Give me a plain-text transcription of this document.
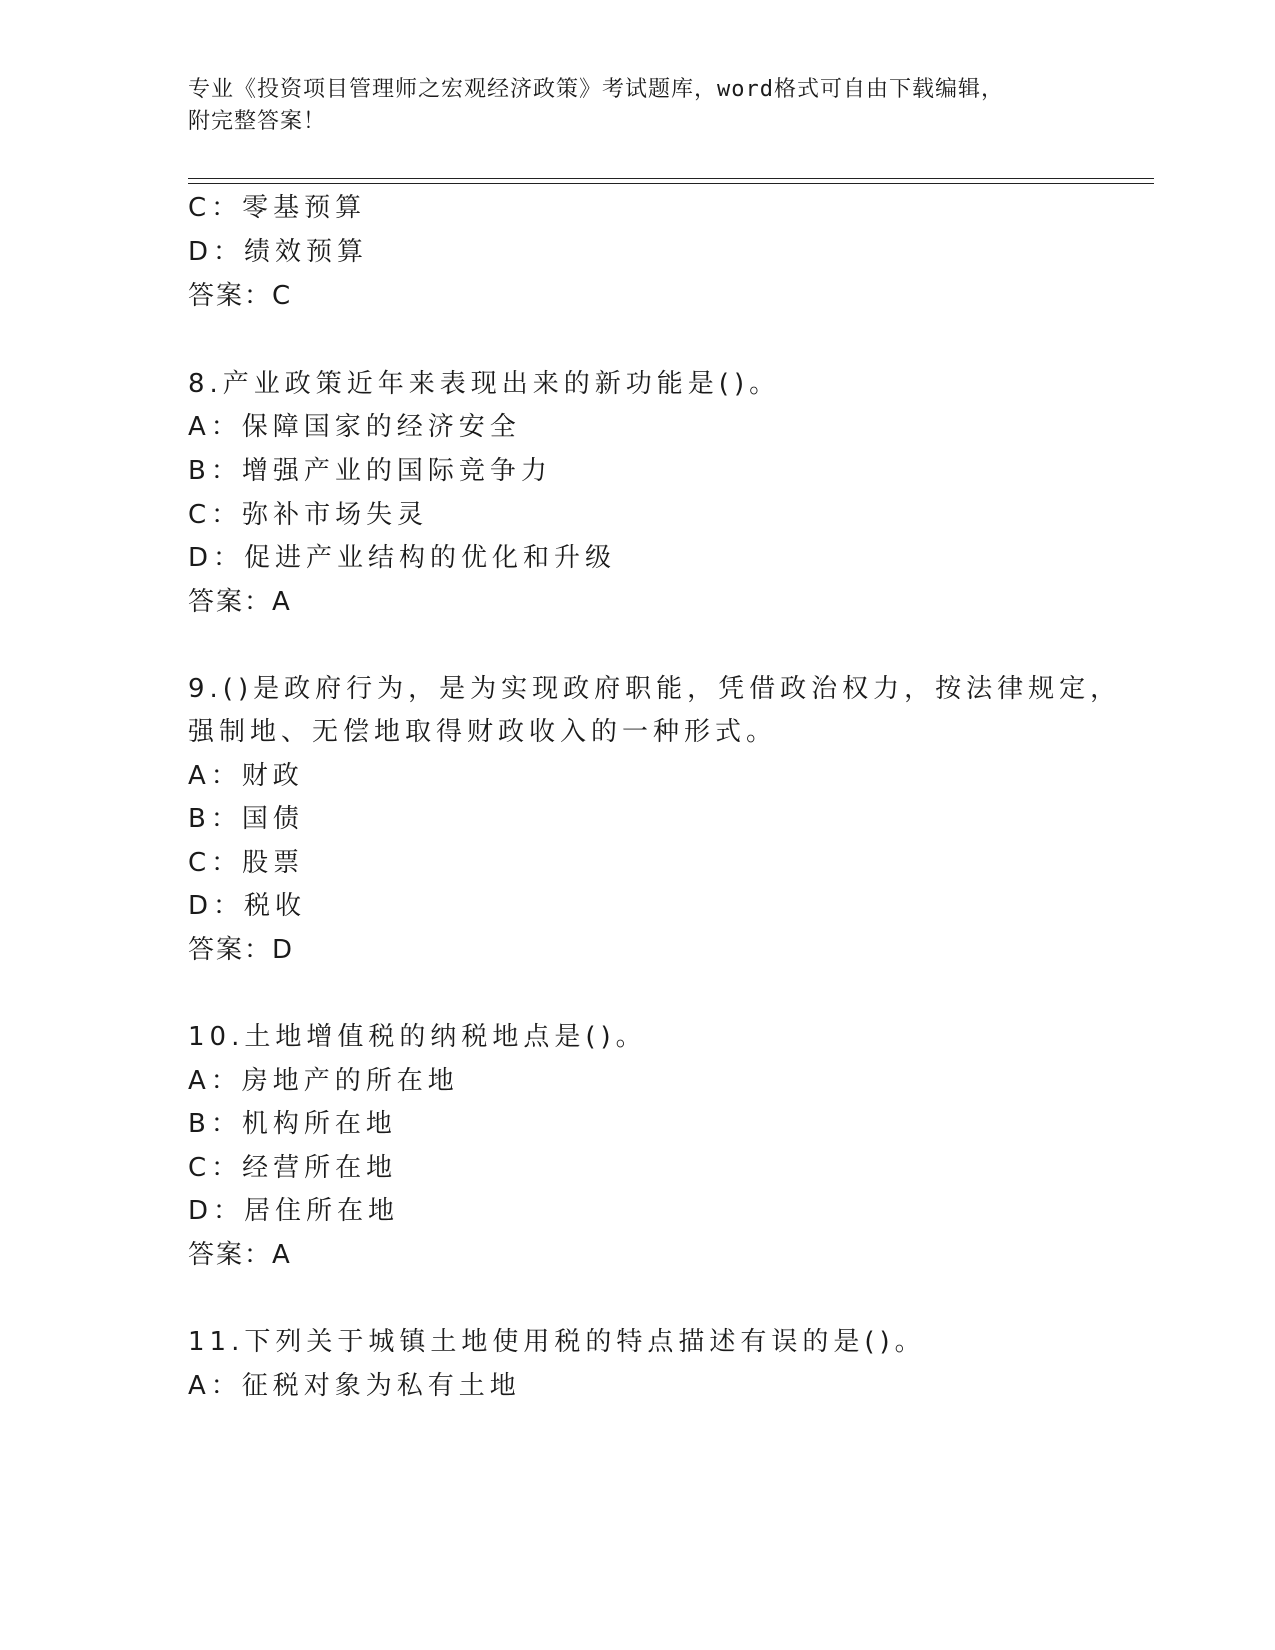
专业《投资项目管理师之宏观经济政策》考试题库，word格式可自由下载编辑，
附完整答案！
C：零基预算
D：绩效预算
答案：C
8.产业政策近年来表现出来的新功能是()。
A：保障国家的经济安全
B：增强产业的国际竞争力
C：弥补市场失灵
D：促进产业结构的优化和升级
答案：A
9.()是政府行为，是为实现政府职能，凭借政治权力，按法律规定，
强制地、无偿地取得财政收入的一种形式。
A：财政
B：国债
C：股票
D：税收
答案：D
10.土地增值税的纳税地点是()。
A：房地产的所在地
B：机构所在地
C：经营所在地
D：居住所在地
答案：A
11.下列关于城镇土地使用税的特点描述有误的是()。
A：征税对象为私有土地
